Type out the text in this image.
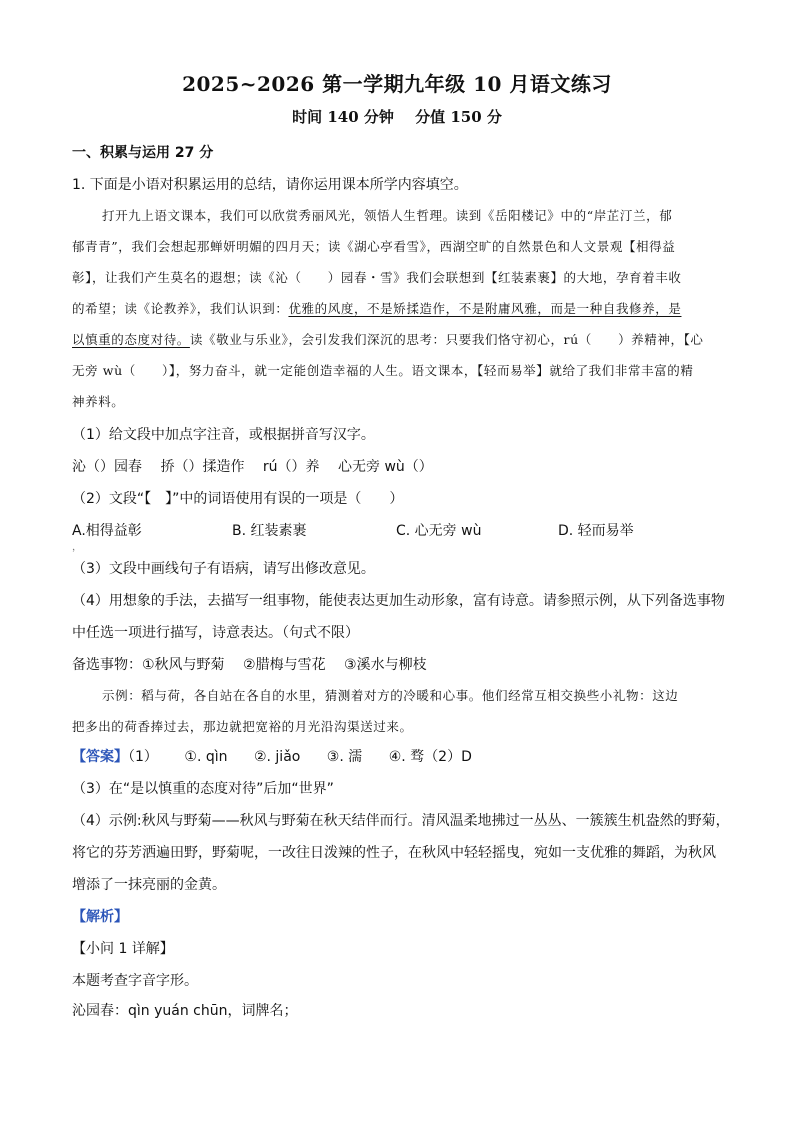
2025~2026 第一学期九年级 10 月语文练习
时间 140 分钟 分值 150 分
一、积累与运用 27 分
1. 下面是小语对积累运用的总结，请你运用课本所学内容填空。
打开九上语文课本，我们可以欣赏秀丽风光，领悟人生哲理。读到《岳阳楼记》中的“岸芷汀兰，郁
郁青青”，我们会想起那蝉妍明媚的四月天；读《湖心亭看雪》，西湖空旷的自然景色和人文景观【相得益
彰】，让我们产生莫名的遐想；读《沁（　　）园春・雪》我们会联想到【红装素裹】的大地，孕育着丰收
的希望；读《论教养》，我们认识到：优雅的风度，不是矫揉造作，不是附庸风雅，而是一种自我修养，是
以慎重的态度对待。读《敬业与乐业》，会引发我们深沉的思考：只要我们恪守初心，rú（　　）养精神，【心
无旁 wù（　　）】，努力奋斗，就一定能创造幸福的人生。语文课本，【轻而易举】就给了我们非常丰富的精
神养料。
（1）给文段中加点字注音，或根据拼音写汉字。
沁（）园春 挢（）揉造作 rú（）养 心无旁 wù（）
（2）文段“【　】”中的词语使用有误的一项是（　　）
A.相得益彰	B. 红装素裹	C. 心无旁 wù	D. 轻而易举
，
（3）文段中画线句子有语病，请写出修改意见。
（4）用想象的手法，去描写一组事物，能使表达更加生动形象，富有诗意。请参照示例，从下列备选事物
中任选一项进行描写，诗意表达。（句式不限）
备选事物：①秋风与野菊 ②腊梅与雪花 ③溪水与柳枝
示例：稻与荷，各自站在各自的水里，猜测着对方的冷暖和心事。他们经常互相交换些小礼物：这边
把多出的荷香捧过去，那边就把宽裕的月光沿沟渠送过来。
【答案】（1） ①. qìn ②. jiǎo ③. 濡 ④. 骛（2）D
（3）在“是以慎重的态度对待”后加“世界”
（4）示例:秋风与野菊——秋风与野菊在秋天结伴而行。清风温柔地拂过一丛丛、一簇簇生机盎然的野菊，
将它的芬芳洒遍田野，野菊呢，一改往日泼辣的性子，在秋风中轻轻摇曳，宛如一支优雅的舞蹈，为秋风
增添了一抹亮丽的金黄。
【解析】
【小问 1 详解】
本题考查字音字形。
沁园春：qìn yuán chūn，词牌名；
